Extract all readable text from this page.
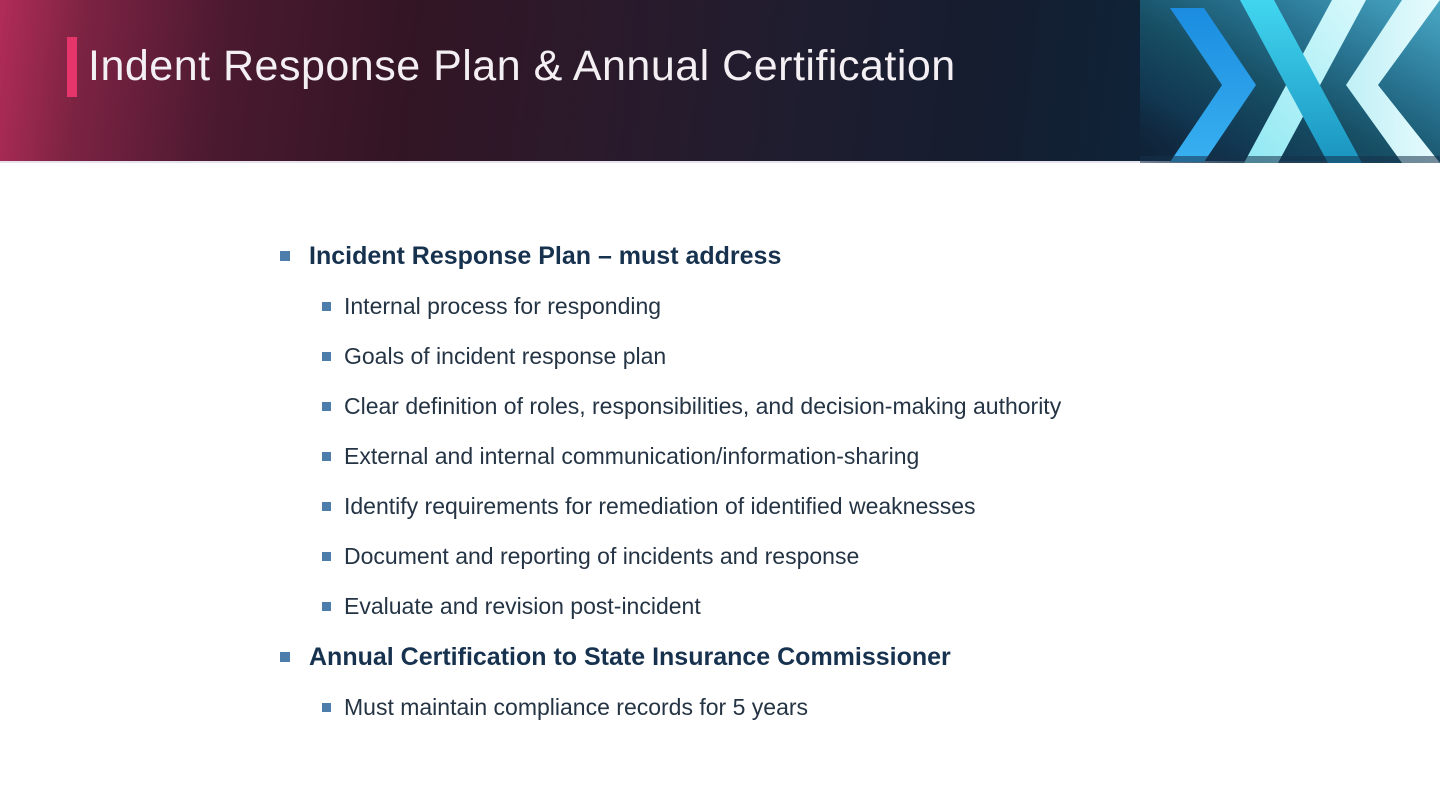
Indent Response Plan & Annual Certification
Incident Response Plan – must address
Internal process for responding
Goals of incident response plan
Clear definition of roles, responsibilities, and decision-making authority
External and internal communication/information-sharing
Identify requirements for remediation of identified weaknesses
Document and reporting of incidents and response
Evaluate and revision post-incident
Annual Certification to State Insurance Commissioner
Must maintain compliance records for 5 years
